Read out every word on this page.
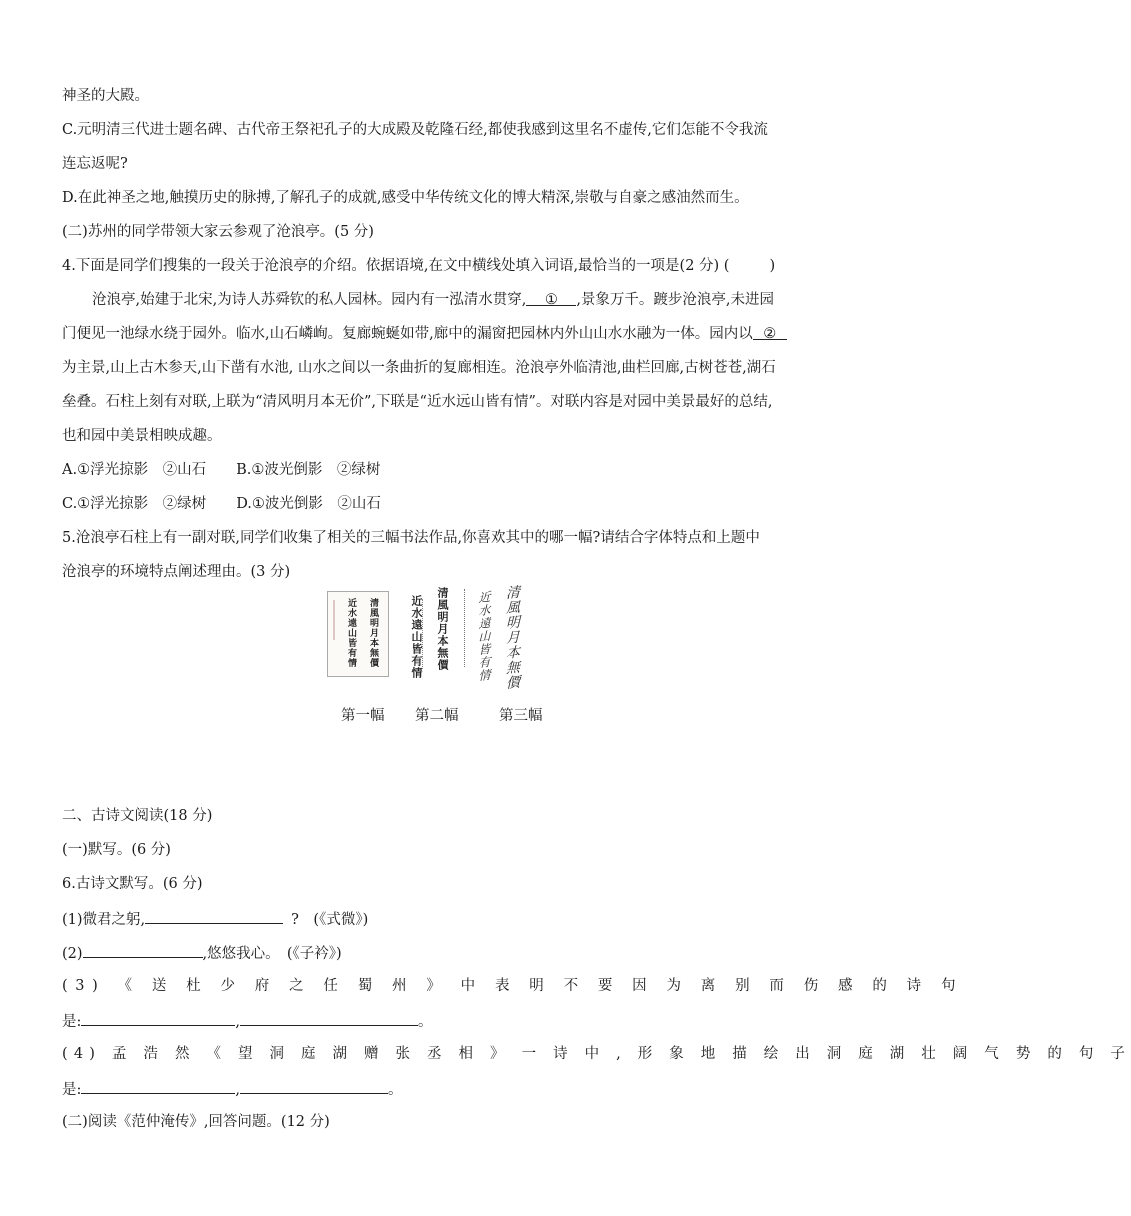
神圣的大殿。
C.元明清三代进士题名碑、古代帝王祭祀孔子的大成殿及乾隆石经,都使我感到这里名不虚传,它们怎能不令我流
连忘返呢?
D.在此神圣之地,触摸历史的脉搏,了解孔子的成就,感受中华传统文化的博大精深,崇敬与自豪之感油然而生。
(二)苏州的同学带领大家云参观了沧浪亭。(5 分)
4.下面是同学们搜集的一段关于沧浪亭的介绍。依据语境,在文中横线处填入词语,最恰当的一项是(2 分) (	)
沧浪亭,始建于北宋,为诗人苏舜钦的私人园林。园内有一泓清水贯穿, ① ,景象万千。踱步沧浪亭,未进园
门便见一池绿水绕于园外。临水,山石嶙峋。复廊蜿蜒如带,廊中的漏窗把园林内外山山水水融为一体。园内以 ②
为主景,山上古木参天,山下凿有水池, 山水之间以一条曲折的复廊相连。沧浪亭外临清池,曲栏回廊,古树苍苍,湖石
垒叠。石柱上刻有对联,上联为“清风明月本无价”,下联是“近水远山皆有情”。对联内容是对园中美景最好的总结,
也和园中美景相映成趣。
A.①浮光掠影　②山石 B.①波光倒影　②绿树
C.①浮光掠影　②绿树 D.①波光倒影　②山石
5.沧浪亭石柱上有一副对联,同学们收集了相关的三幅书法作品,你喜欢其中的哪一幅?请结合字体特点和上题中
沧浪亭的环境特点阐述理由。(3 分)
清風明月本無價
近水遠山皆有情	清風明月本無價
近水遠山皆有情	清風明月本無價
近水遠山皆有情
第一幅 第二幅	第三幅
二、古诗文阅读(18 分)
(一)默写。(6 分)
6.古诗文默写。(6 分)
(1)微君之躬,	?　(《式微》)
(2)	,悠悠我心。　(《子衿》)
(3) 《 送 杜 少 府 之 任 蜀 州 》 中 表 明 不 要 因 为 离 别 而 伤 感 的 诗 句
是:	,	。
(4) 孟 浩 然 《 望 洞 庭 湖 赠 张 丞 相 》 一 诗 中 , 形 象 地 描 绘 出 洞 庭 湖 壮 阔 气 势 的 句 子
是:	,	。
(二)阅读《范仲淹传》,回答问题。(12 分)
